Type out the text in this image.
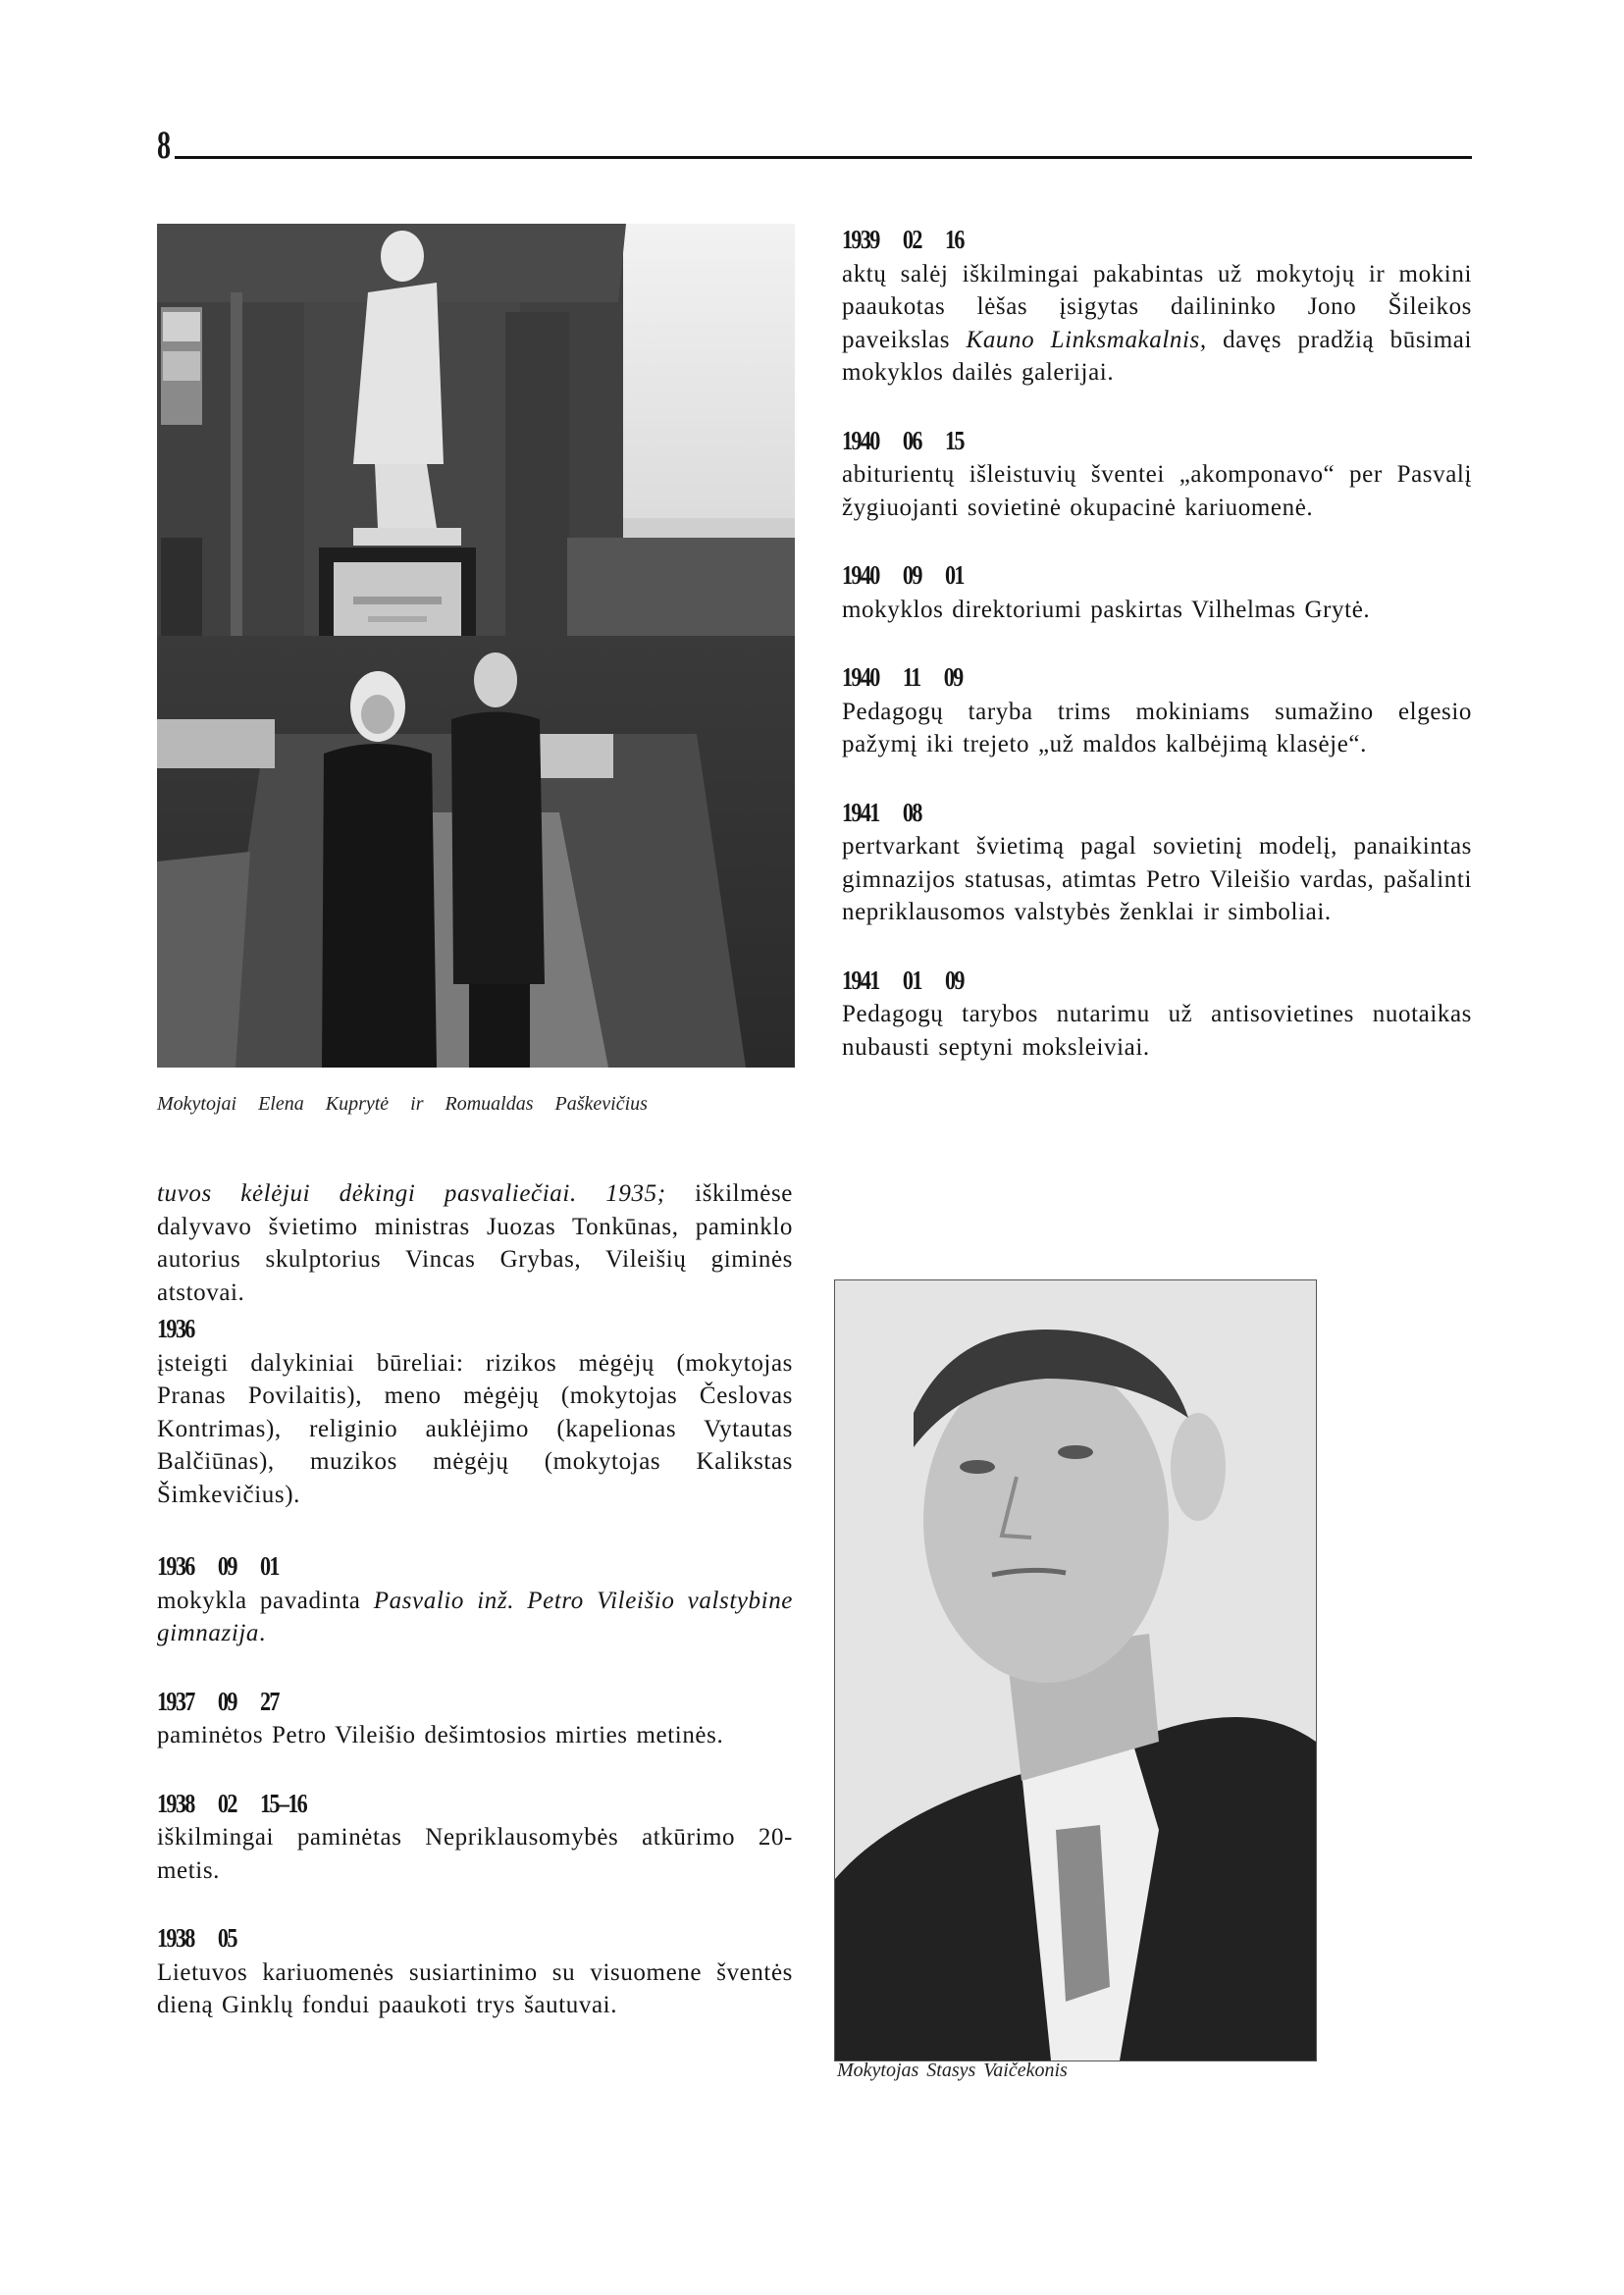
8
Mokytojai  Elena  Kuprytė  ir  Romualdas  Paškevičius

tuvos kėlėjui dėkingi pasvaliečiai. 1935; iškilmėse dalyvavo švietimo ministras Juozas Tonkūnas, paminklo autorius skulptorius Vincas Grybas, Vileišių giminės atstovai.

1936
įsteigti dalykiniai būreliai: rizikos mėgėjų (mokytojas Pranas Povilaitis), meno mėgėjų (mokytojas Česlovas Kontrimas), religinio auklėjimo (kapelionas Vytautas Balčiūnas), muzikos mėgėjų (mokytojas Kalikstas Šimkevičius).
1936  09  01
mokykla pavadinta Pasvalio inž. Petro Vileišio valstybine gimnazija.
1937  09  27
paminėtos Petro Vileišio dešimtosios mirties metinės.
1938  02  15–16
iškilmingai paminėtas Nepriklausomybės atkūrimo 20-metis.
1938  05
Lietuvos kariuomenės susiartinimo su visuomene šventės dieną Ginklų fondui paaukoti trys šautuvai.
1939  02  16
aktų salėj iškilmingai pakabintas už mokytojų ir mokini paaukotas lėšas įsigytas dailininko Jono Šileikos paveikslas Kauno Linksmakalnis, davęs pradžią būsimai mokyklos dailės galerijai.
1940  06  15
abiturientų išleistuvių šventei „akomponavo“ per Pasvalį žygiuojanti sovietinė okupacinė kariuomenė.
1940  09  01
mokyklos direktoriumi paskirtas Vilhelmas Grytė.
1940  11  09
Pedagogų taryba trims mokiniams sumažino elgesio pažymį iki trejeto „už maldos kalbėjimą klasėje“.
1941  08
pertvarkant švietimą pagal sovietinį modelį, panaikintas gimnazijos statusas, atimtas Petro Vileišio vardas, pašalinti nepriklausomos valstybės ženklai ir simboliai.
1941  01  09
Pedagogų tarybos nutarimu už antisovietines nuotaikas nubausti septyni moksleiviai.
Mokytojas Stasys Vaičekonis
